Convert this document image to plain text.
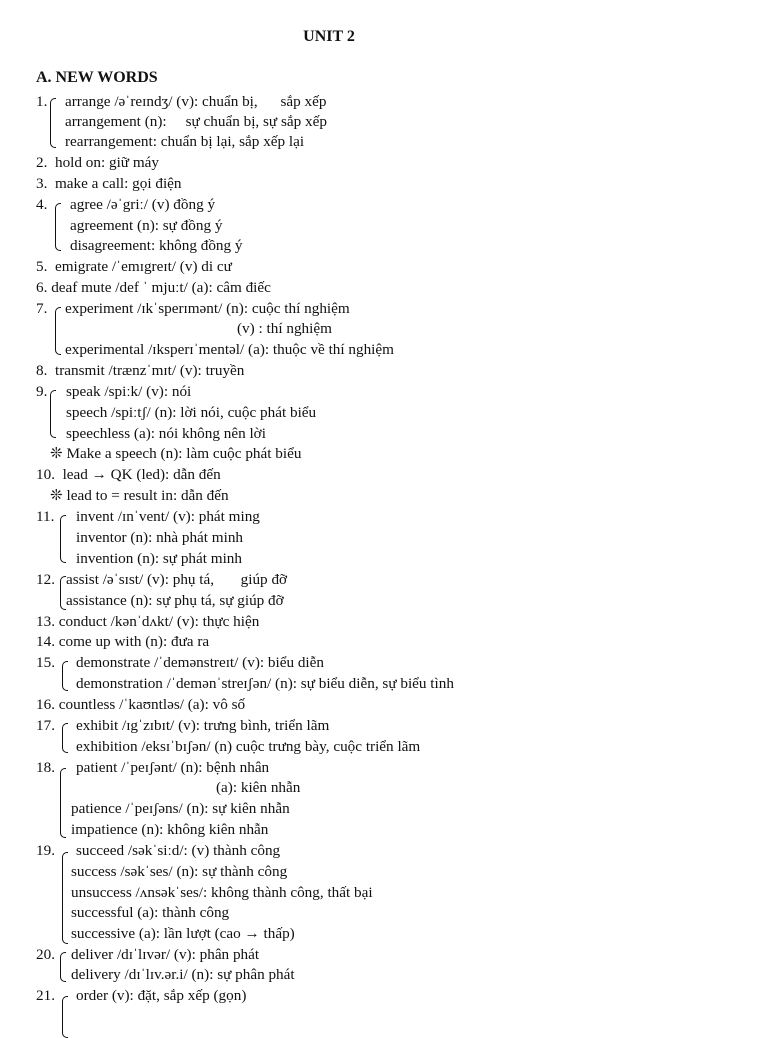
UNIT 2
A. NEW WORDS
1. arrange /əˈreɪndʒ/ (v): chuẩn bị,      sắp xếp
arrangement (n):     sự chuẩn bị, sự sắp xếp
rearrangement: chuẩn bị lại, sắp xếp lại
2.  hold on: giữ máy
3.  make a call: gọi điện
4. agree /əˈgriː/ (v) đồng ý
agreement (n): sự đồng ý
disagreement: không đồng ý
5.  emigrate /ˈemɪgreɪt/ (v) di cư
6. deaf mute /def ˈ mjuːt/ (a): câm điếc
7. experiment /ɪkˈsperɪmənt/ (n): cuộc thí nghiệm
(v) : thí nghiệm
experimental /ɪksperɪˈmentəl/ (a): thuộc về thí nghiệm
8.  transmit /trænzˈmɪt/ (v): truyền
9. speak /spiːk/ (v): nói
speech /spiːtʃ/ (n): lời nói, cuộc phát biểu
speechless (a): nói không nên lời
❊ Make a speech (n): làm cuộc phát biểu
10.  lead → QK (led): dẫn đến
❊ lead to = result in: dẫn đến
11. invent /ɪnˈvent/ (v): phát ming
inventor (n): nhà phát minh
invention (n): sự phát minh
12. assist /əˈsɪst/ (v): phụ tá,       giúp đỡ
assistance (n): sự phụ tá, sự giúp đỡ
13. conduct /kənˈdʌkt/ (v): thực hiện
14. come up with (n): đưa ra
15. demonstrate /ˈdemənstreɪt/ (v): biểu diễn
demonstration /ˈdemənˈstreɪʃən/ (n): sự biểu diễn, sự biểu tình
16. countless /ˈkaʊntləs/ (a): vô số
17. exhibit /ɪgˈzɪbɪt/ (v): trưng bình, triển lãm
exhibition /eksɪˈbɪʃən/ (n) cuộc trưng bày, cuộc triển lãm
18. patient /ˈpeɪʃənt/ (n): bệnh nhân
(a): kiên nhẫn
patience /ˈpeɪʃəns/ (n): sự kiên nhẫn
impatience (n): không kiên nhẫn
19. succeed /səkˈsiːd/: (v) thành công
success /səkˈses/ (n): sự thành công
unsuccess /ʌnsəkˈses/: không thành công, thất bại
successful (a): thành công
successive (a): lần lượt (cao → thấp)
20. deliver /dɪˈlɪvər/ (v): phân phát
delivery /dɪˈlɪv.ər.i/ (n): sự phân phát
21. order (v): đặt, sắp xếp (gọn)
